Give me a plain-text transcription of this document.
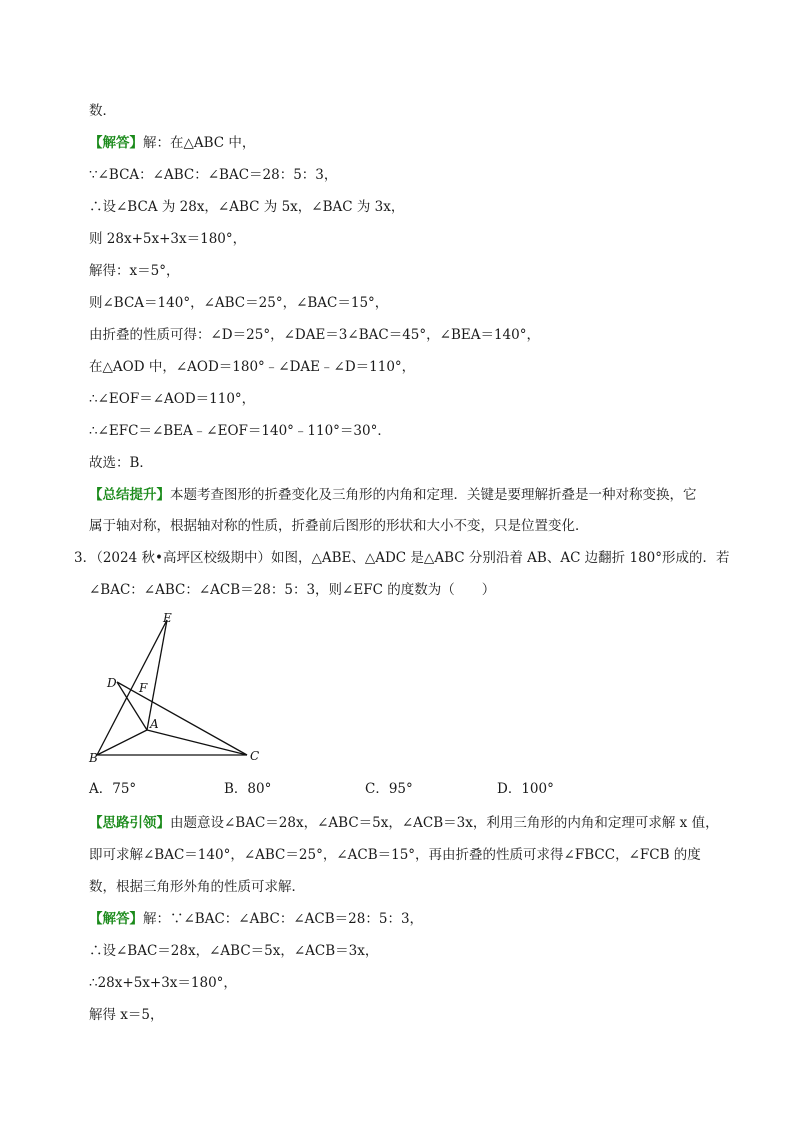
数．
【解答】解：在△ABC 中，
∵∠BCA：∠ABC：∠BAC＝28：5：3，
∴设∠BCA 为 28x，∠ABC 为 5x，∠BAC 为 3x，
则 28x+5x+3x＝180°，
解得：x＝5°，
则∠BCA＝140°，∠ABC＝25°，∠BAC＝15°，
由折叠的性质可得：∠D＝25°，∠DAE＝3∠BAC＝45°，∠BEA＝140°，
在△AOD 中，∠AOD＝180°﹣∠DAE﹣∠D＝110°，
∴∠EOF＝∠AOD＝110°，
∴∠EFC＝∠BEA﹣∠EOF＝140°﹣110°＝30°．
故选：B．
【总结提升】本题考查图形的折叠变化及三角形的内角和定理．关键是要理解折叠是一种对称变换，它
属于轴对称，根据轴对称的性质，折叠前后图形的形状和大小不变，只是位置变化．
3．（2024 秋•高坪区校级期中）如图，△ABE、△ADC 是△ABC 分别沿着 AB、AC 边翻折 180°形成的．若
∠BAC：∠ABC：∠ACB＝28：5：3，则∠EFC 的度数为（　　）
E
D F
A
B	C
A．75°	B．80°	C．95°	D．100°
【思路引领】由题意设∠BAC＝28x，∠ABC＝5x，∠ACB＝3x，利用三角形的内角和定理可求解 x 值，
即可求解∠BAC＝140°，∠ABC＝25°，∠ACB＝15°，再由折叠的性质可求得∠FBCC，∠FCB 的度
数，根据三角形外角的性质可求解．
【解答】解：∵∠BAC：∠ABC：∠ACB＝28：5：3，
∴设∠BAC＝28x，∠ABC＝5x，∠ACB＝3x，
∴28x+5x+3x＝180°，
解得 x＝5，
